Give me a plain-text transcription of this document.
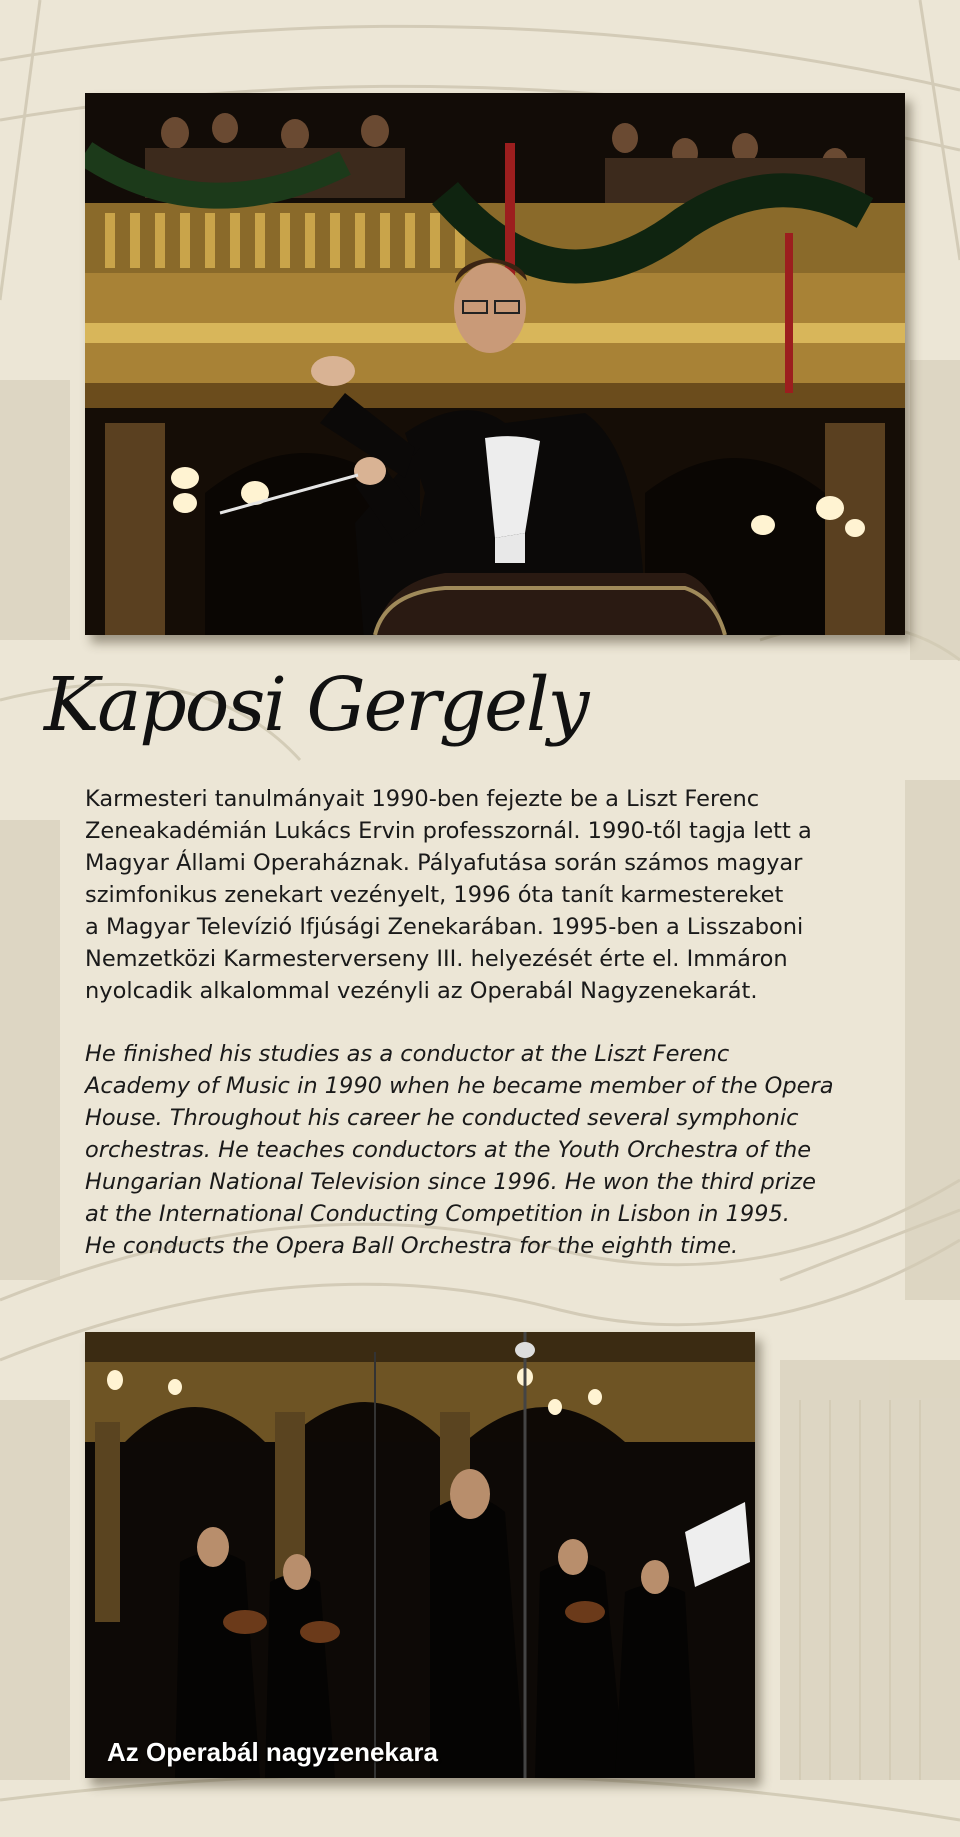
Kaposi Gergely

Karmesteri tanulmányait 1990-ben fejezte be a Liszt Ferenc
Zeneakadémián Lukács Ervin professzornál. 1990-től tagja lett a
Magyar Állami Operaháznak. Pályafutása során számos magyar
szimfonikus zenekart vezényelt, 1996 óta tanít karmestereket
a Magyar Televízió Ifjúsági Zenekarában. 1995-ben a Lisszaboni
Nemzetközi Karmesterverseny III. helyezését érte el. Immáron
nyolcadik alkalommal vezényli az Operabál Nagyzenekarát.

He finished his studies as a conductor at the Liszt Ferenc
Academy of Music in 1990 when he became member of the Opera
House. Throughout his career he conducted several symphonic
orchestras. He teaches conductors at the Youth Orchestra of the
Hungarian National Television since 1996. He won the third prize
at the International Conducting Competition in Lisbon in 1995.
He conducts the Opera Ball Orchestra for the eighth time.

Az Operabál nagyzenekara
